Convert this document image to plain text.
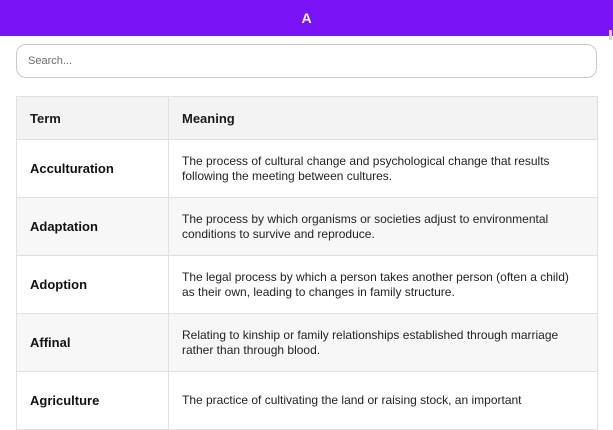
A
Search...
Term	Meaning
Acculturation	The process of cultural change and psychological change that results following the meeting between cultures.
Adaptation	The process by which organisms or societies adjust to environmental conditions to survive and reproduce.
Adoption	The legal process by which a person takes another person (often a child) as their own, leading to changes in family structure.
Affinal	Relating to kinship or family relationships established through marriage rather than through blood.
Agriculture	The practice of cultivating the land or raising stock, an important
